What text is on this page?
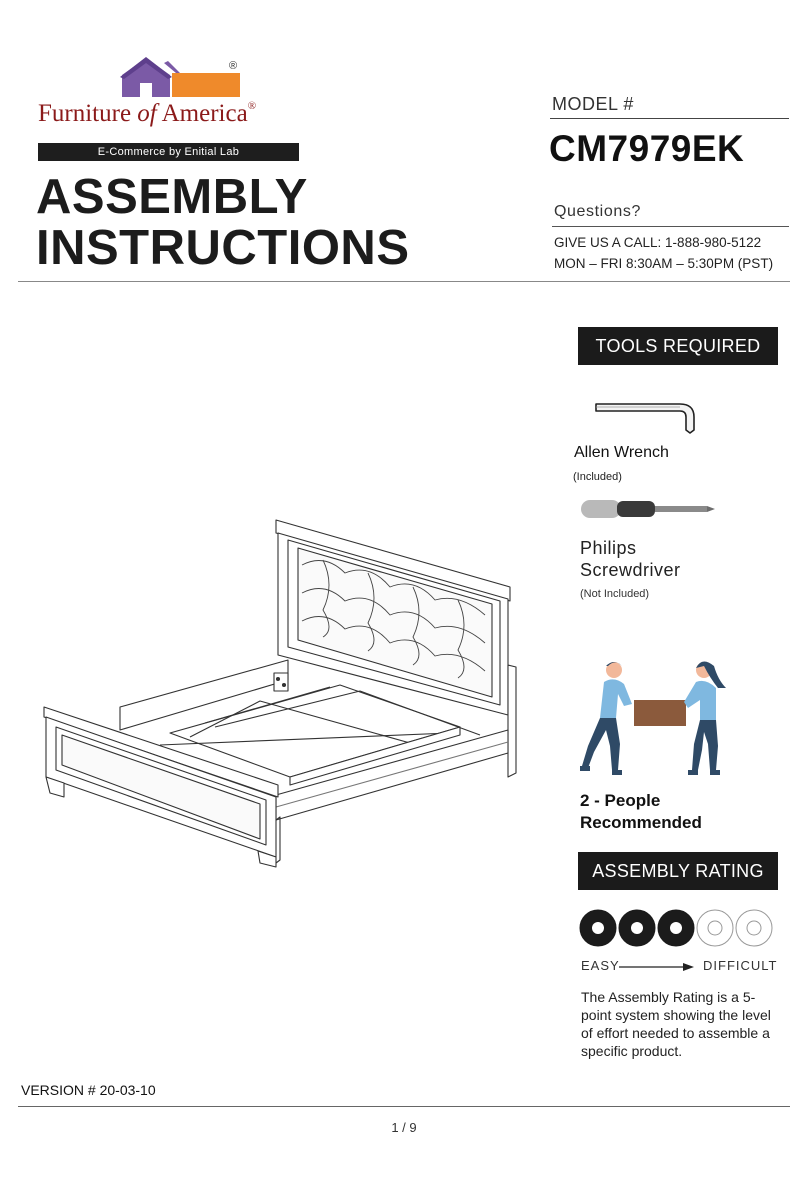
®
Furniture of America®
E-Commerce by Enitial Lab
ASSEMBLY
INSTRUCTIONS
MODEL #
CM7979EK
Questions?
GIVE US A CALL: 1-888-980-5122
MON – FRI 8:30AM – 5:30PM (PST)
TOOLS REQUIRED
Allen Wrench
(Included)
Philips
Screwdriver
(Not Included)
2 - People
Recommended
ASSEMBLY RATING
EASY	DIFFICULT
The Assembly Rating is a 5-point system showing the level of effort needed to assemble a specific product.
VERSION # 20-03-10
1 / 9
